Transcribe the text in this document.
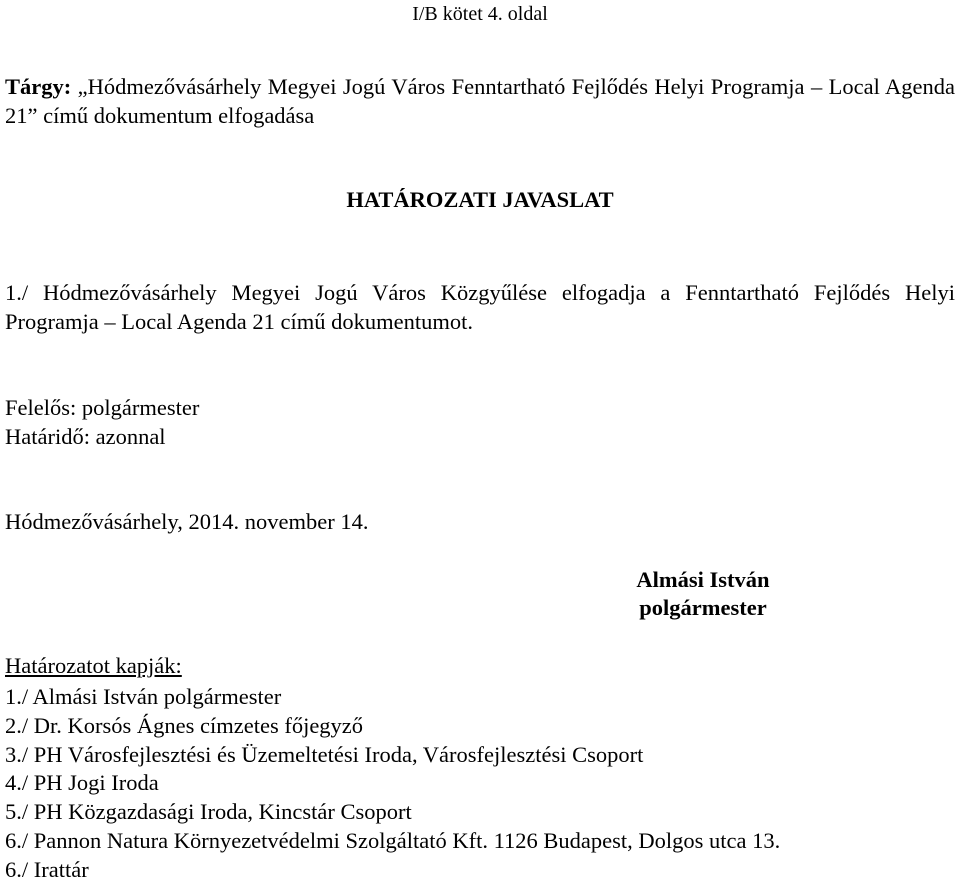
I/B kötet 4. oldal
Tárgy: „Hódmezővásárhely Megyei Jogú Város Fenntartható Fejlődés Helyi Programja – Local Agenda 21” című dokumentum elfogadása
HATÁROZATI JAVASLAT
1./ Hódmezővásárhely Megyei Jogú Város Közgyűlése elfogadja a Fenntartható Fejlődés Helyi Programja – Local Agenda 21 című dokumentumot.
Felelős: polgármester
Határidő: azonnal
Hódmezővásárhely, 2014. november 14.
Almási István
polgármester
Határozatot kapják:
1./ Almási István polgármester
2./ Dr. Korsós Ágnes címzetes főjegyző
3./ PH Városfejlesztési és Üzemeltetési Iroda, Városfejlesztési Csoport
4./ PH Jogi Iroda
5./ PH Közgazdasági Iroda, Kincstár Csoport
6./ Pannon Natura Környezetvédelmi Szolgáltató Kft. 1126 Budapest, Dolgos utca 13.
6./ Irattár
